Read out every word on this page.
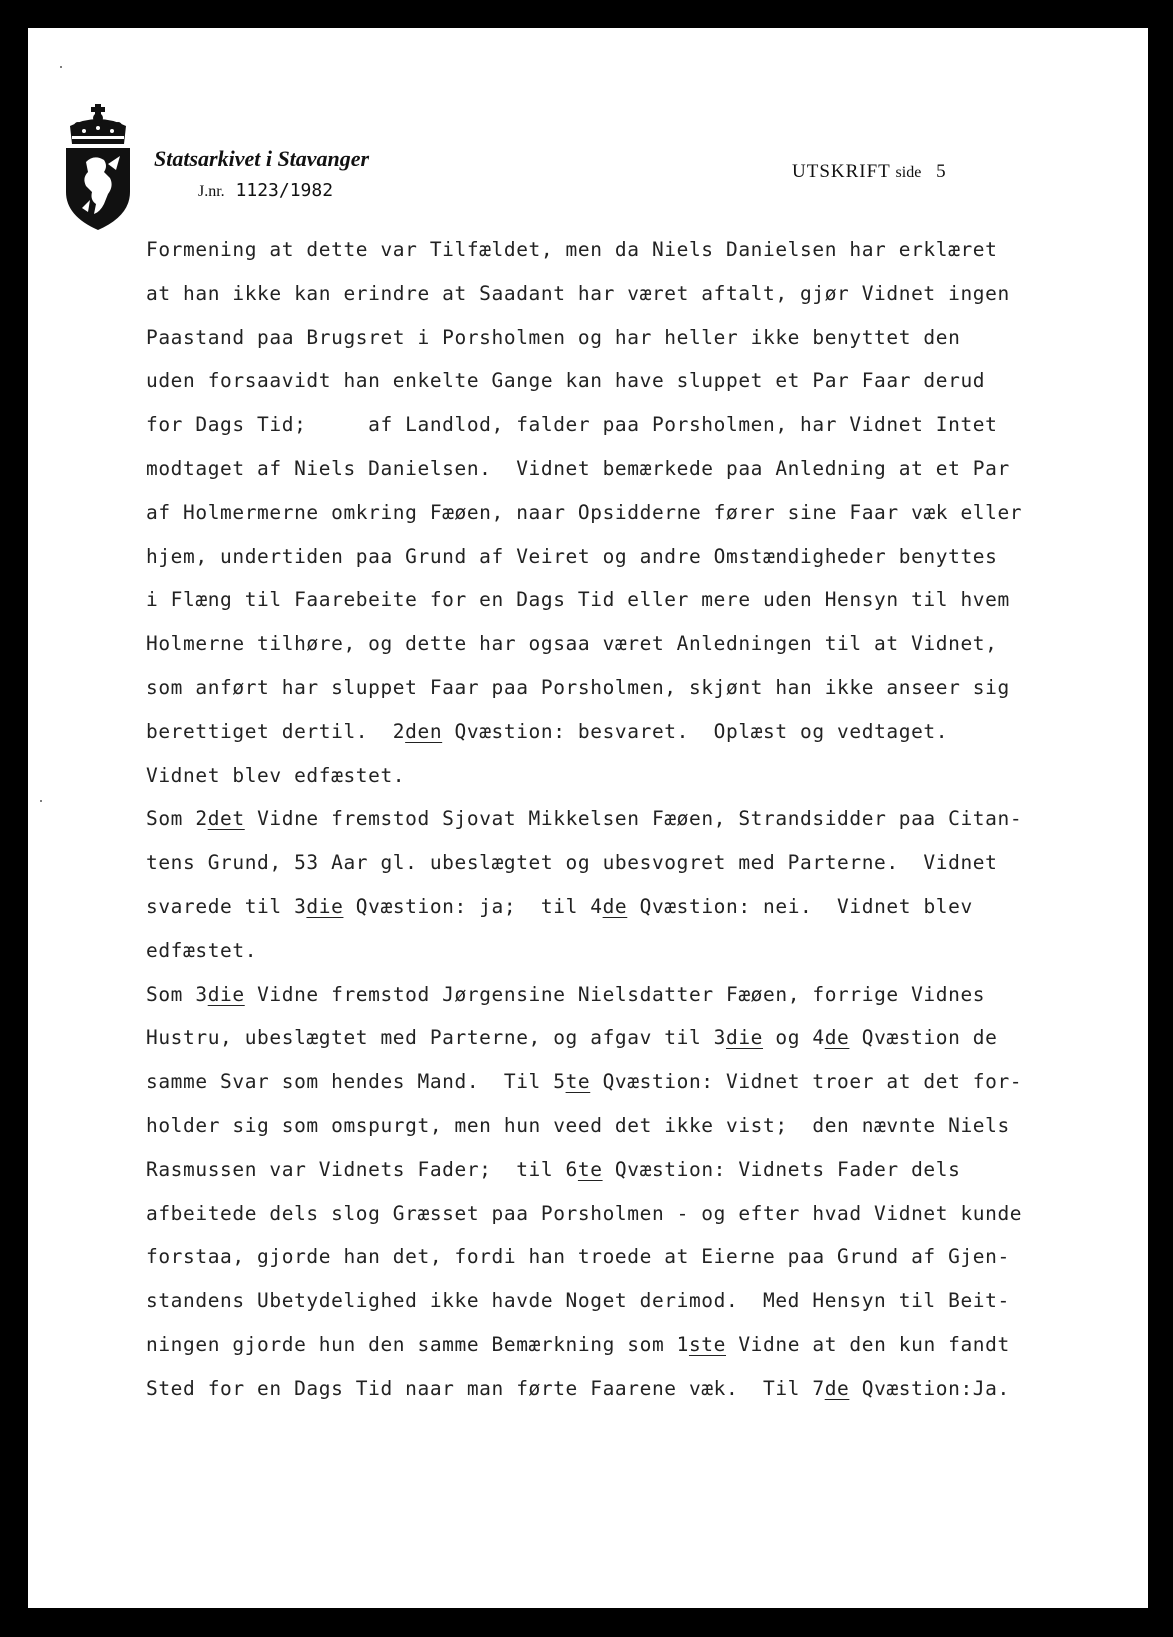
Statsarkivet i Stavanger
J.nr. 1123/1982
UTSKRIFT side 5
Formening at dette var Tilfældet, men da Niels Danielsen har erklæret
at han ikke kan erindre at Saadant har været aftalt, gjør Vidnet ingen
Paastand paa Brugsret i Porsholmen og har heller ikke benyttet den
uden forsaavidt han enkelte Gange kan have sluppet et Par Faar derud
for Dags Tid;     af Landlod, falder paa Porsholmen, har Vidnet Intet
modtaget af Niels Danielsen.  Vidnet bemærkede paa Anledning at et Par
af Holmermerne omkring Fæøen, naar Opsidderne fører sine Faar væk eller
hjem, undertiden paa Grund af Veiret og andre Omstændigheder benyttes
i Flæng til Faarebeite for en Dags Tid eller mere uden Hensyn til hvem
Holmerne tilhøre, og dette har ogsaa været Anledningen til at Vidnet,
som anført har sluppet Faar paa Porsholmen, skjønt han ikke anseer sig
berettiget dertil.  2den Qvæstion: besvaret.  Oplæst og vedtaget.
Vidnet blev edfæstet.
Som 2det Vidne fremstod Sjovat Mikkelsen Fæøen, Strandsidder paa Citan-
tens Grund, 53 Aar gl. ubeslægtet og ubesvogret med Parterne.  Vidnet
svarede til 3die Qvæstion: ja;  til 4de Qvæstion: nei.  Vidnet blev
edfæstet.
Som 3die Vidne fremstod Jørgensine Nielsdatter Fæøen, forrige Vidnes
Hustru, ubeslægtet med Parterne, og afgav til 3die og 4de Qvæstion de
samme Svar som hendes Mand.  Til 5te Qvæstion: Vidnet troer at det for-
holder sig som omspurgt, men hun veed det ikke vist;  den nævnte Niels
Rasmussen var Vidnets Fader;  til 6te Qvæstion: Vidnets Fader dels
afbeitede dels slog Græsset paa Porsholmen - og efter hvad Vidnet kunde
forstaa, gjorde han det, fordi han troede at Eierne paa Grund af Gjen-
standens Ubetydelighed ikke havde Noget derimod.  Med Hensyn til Beit-
ningen gjorde hun den samme Bemærkning som 1ste Vidne at den kun fandt
Sted for en Dags Tid naar man førte Faarene væk.  Til 7de Qvæstion:Ja.
